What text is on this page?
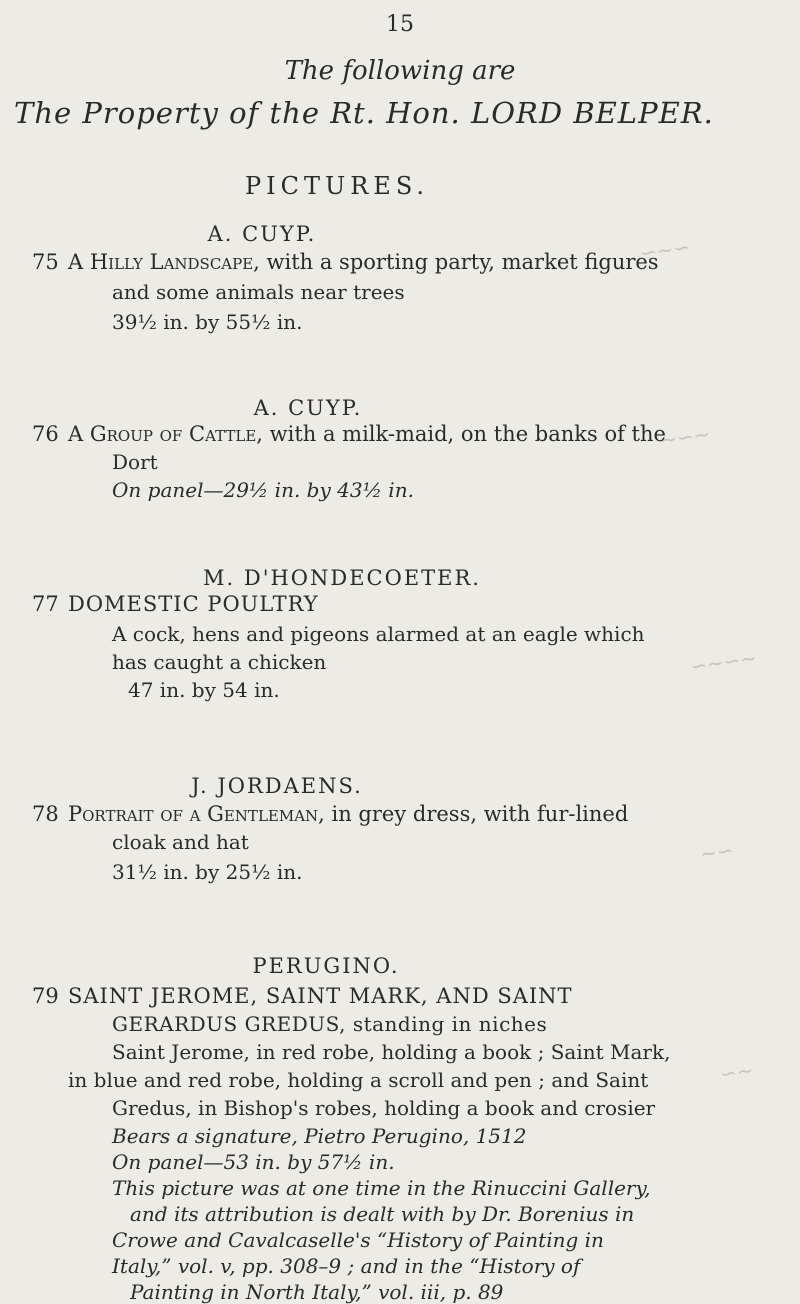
15
The following are
The Property of the Rt. Hon. LORD BELPER.
PICTURES.
A. CUYP.
75 A Hilly Landscape, with a sporting party, market figures
and some animals near trees
39½ in. by 55½ in.
A. CUYP.
76 A Group of Cattle, with a milk-maid, on the banks of the
Dort
On panel—29½ in. by 43½ in.
M. D'HONDECOETER.
77 DOMESTIC POULTRY
A cock, hens and pigeons alarmed at an eagle which
has caught a chicken
47 in. by 54 in.
J. JORDAENS.
78 Portrait of a Gentleman, in grey dress, with fur-lined
cloak and hat
31½ in. by 25½ in.
PERUGINO.
79 SAINT JEROME, SAINT MARK, AND SAINT
GERARDUS GREDUS, standing in niches
Saint Jerome, in red robe, holding a book ; Saint Mark,
in blue and red robe, holding a scroll and pen ; and Saint
Gredus, in Bishop's robes, holding a book and crosier
Bears a signature, Pietro Perugino, 1512
On panel—53 in. by 57½ in.
This picture was at one time in the Rinuccini Gallery,
and its attribution is dealt with by Dr. Borenius in
Crowe and Cavalcaselle's “History of Painting in
Italy,” vol. v, pp. 308–9 ; and in the “History of
Painting in North Italy,” vol. iii, p. 89
∽∼∽
∼∽∼
∽∼∽∼
∼∽
∽∼
